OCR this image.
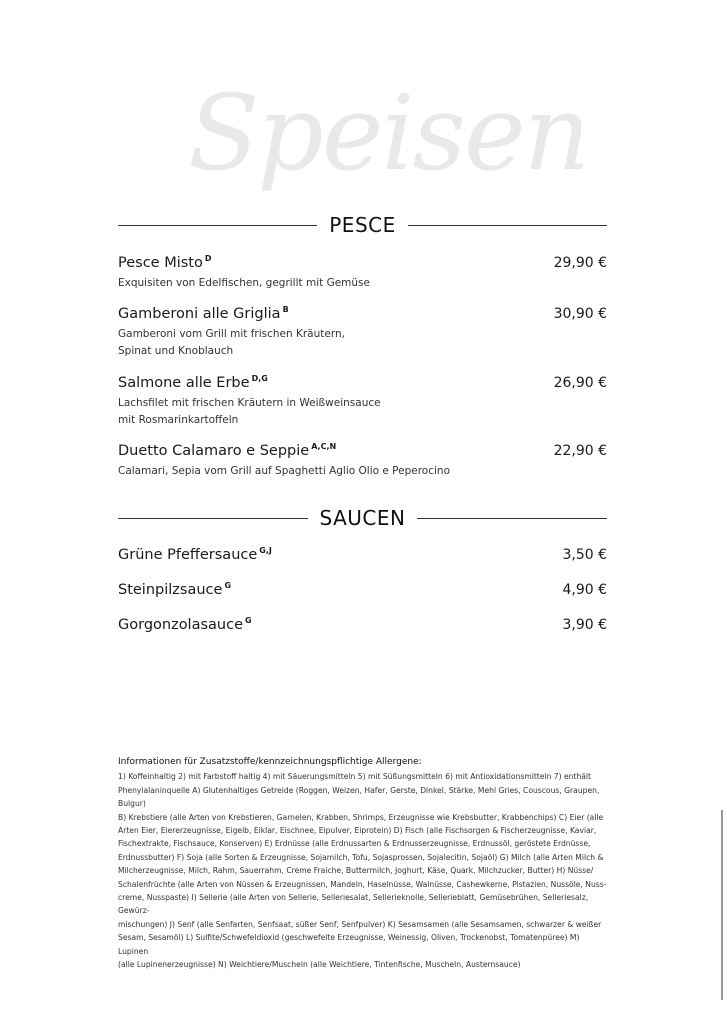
Speisen
PESCE
Pesce Misto $^D$	29,90 €
Exquisiten von Edelfischen, gegrillt mit Gemüse
Gamberoni alle Griglia $^B$	30,90 €
Gamberoni vom Grill mit frischen Kräutern,
Spinat und Knoblauch
Salmone alle Erbe $^{D,G}$	26,90 €
Lachsfilet mit frischen Kräutern in Weißweinsauce
mit Rosmarinkartoffeln
Duetto Calamaro e Seppie $^{A,C,N}$	22,90 €
Calamari, Sepia vom Grill auf Spaghetti Aglio Olio e Peperocino
SAUCEN
Grüne Pfeffersauce $^{G,J}$	3,50 €
Steinpilzsauce $^G$	4,90 €
Gorgonzolasauce $^G$	3,90 €
Informationen für Zusatzstoffe/kennzeichnungspflichtige Allergene:
1) Koffeinhaltig 2) mit Farbstoff haltig 4) mit Säuerungsmitteln 5) mit Süßungsmitteln 6) mit Antioxidationsmitteln 7) enthält
Phenylalaninquelle A) Glutenhaltiges Getreide (Roggen, Weizen, Hafer, Gerste, Dinkel, Stärke, Mehl Gries, Couscous, Graupen, Bulgur)
B) Krebstiere (alle Arten von Krebstieren, Garnelen, Krabben, Shrimps, Erzeugnisse wie Krebsbutter, Krabbenchips) C) Eier (alle
Arten Eier, Eiererzeugnisse, Eigelb, Eiklar, Eischnee, Eipulver, Eiprotein) D) Fisch (alle Fischsorgen & Fischerzeugnisse, Kaviar,
Fischextrakte, Fischsauce, Konserven) E) Erdnüsse (alle Erdnussarten & Erdnusserzeugnisse, Erdnussöl, geröstete Erdnüsse,
Erdnussbutter) F) Soja (alle Sorten & Erzeugnisse, Sojamilch, Tofu, Sojasprossen, Sojalecitin, Sojaöl) G) Milch (alle Arten Milch &
Milcherzeugnisse, Milch, Rahm, Sauerrahm, Creme Fraiche, Buttermilch, Joghurt, Käse, Quark, Milchzucker, Butter) H) Nüsse/
Schalenfrüchte (alle Arten von Nüssen & Erzeugnissen, Mandeln, Haselnüsse, Walnüsse, Cashewkerne, Pistazien, Nussöle, Nuss-
creme, Nusspaste) I) Sellerie (alle Arten von Sellerie, Selleriesalat, Sellerieknolle, Sellerieblatt, Gemüsebrühen, Selleriesalz, Gewürz-
mischungen) J) Senf (alle Senfarten, Senfsaat, süßer Senf, Senfpulver) K) Sesamsamen (alle Sesamsamen, schwarzer & weißer
Sesam, Sesamöl) L) Sulfite/Schwefeldioxid (geschwefelte Erzeugnisse, Weinessig, Oliven, Trockenobst, Tomatenpüree) M) Lupinen
(alle Lupinenerzeugnisse) N) Weichtiere/Muscheln (alle Weichtiere, Tintenfische, Muscheln, Austernsauce)
